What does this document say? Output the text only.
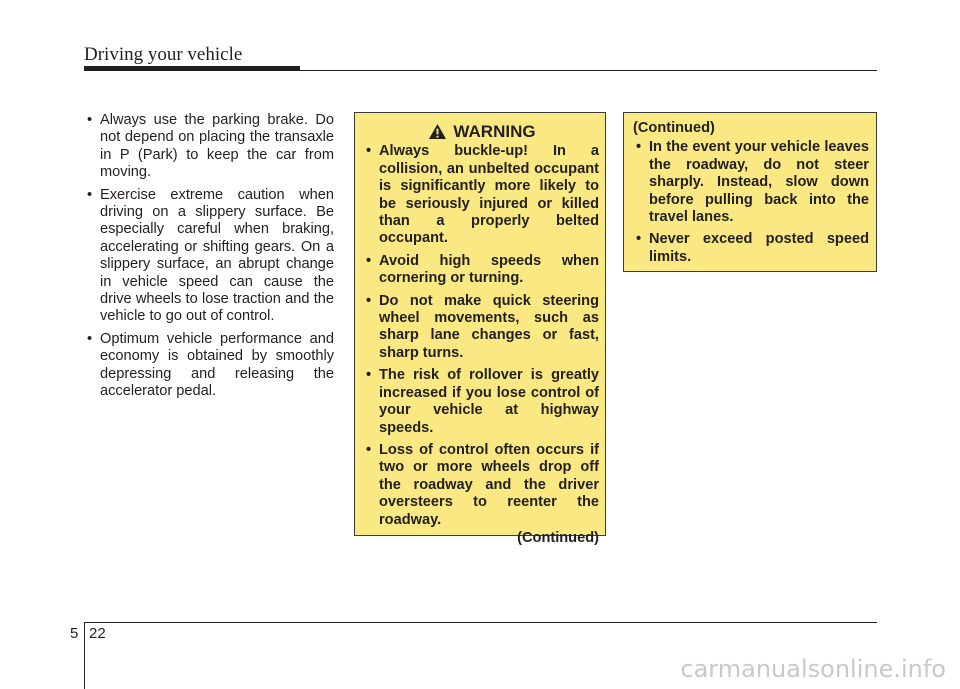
Driving your vehicle
• Always use the parking brake. Do not depend on placing the transaxle in P (Park) to keep the car from moving.
• Exercise extreme caution when driving on a slippery surface. Be especially careful when braking, accelerating or shifting gears. On a slippery surface, an abrupt change in vehicle speed can cause the drive wheels to lose traction and the vehicle to go out of control.
• Optimum vehicle performance and economy is obtained by smoothly depressing and releasing the accelerator pedal.
WARNING
• Always buckle-up! In a collision, an unbelted occupant is significantly more likely to be seriously injured or killed than a properly belted occupant.
• Avoid high speeds when cornering or turning.
• Do not make quick steering wheel movements, such as sharp lane changes or fast, sharp turns.
• The risk of rollover is greatly increased if you lose control of your vehicle at highway speeds.
• Loss of control often occurs if two or more wheels drop off the roadway and the driver oversteers to reenter the roadway.
(Continued)
(Continued)
• In the event your vehicle leaves the roadway, do not steer sharply. Instead, slow down before pulling back into the travel lanes.
• Never exceed posted speed limits.
5 22
carmanualsonline.info
